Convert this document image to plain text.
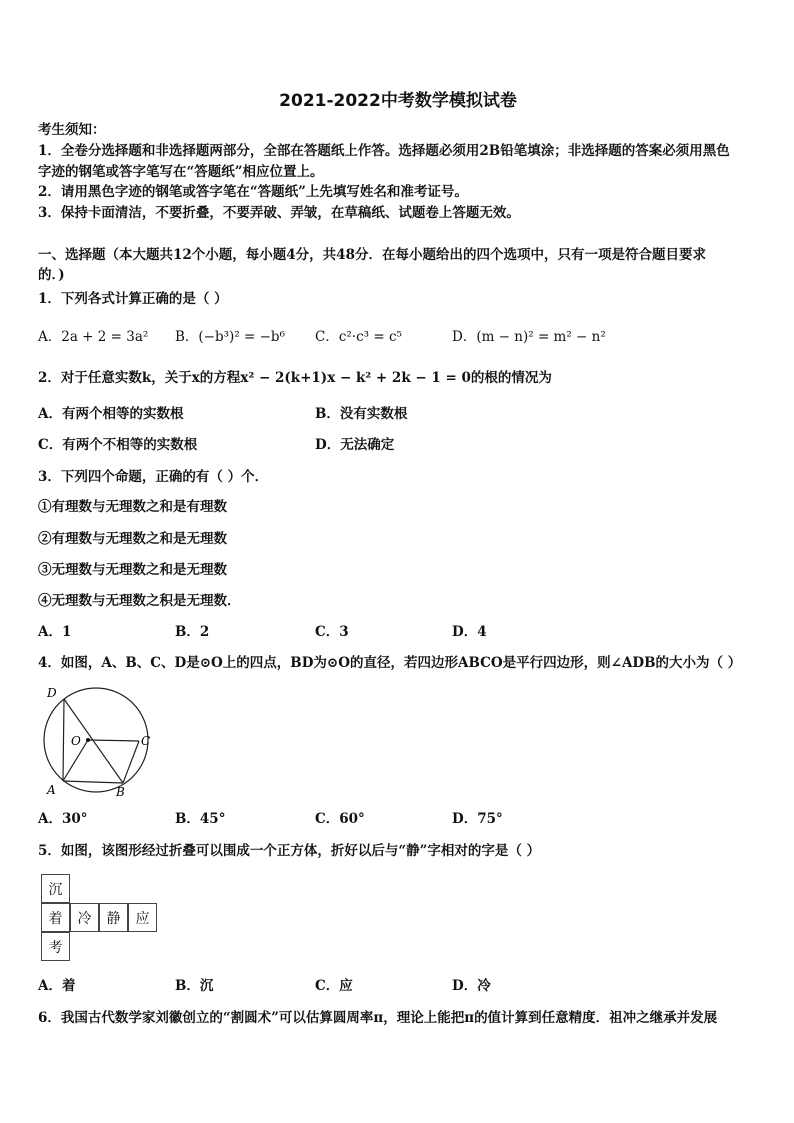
2021-2022中考数学模拟试卷
考生须知：
1．全卷分选择题和非选择题两部分，全部在答题纸上作答。选择题必须用2B铅笔填涂；非选择题的答案必须用黑色
字迹的钢笔或答字笔写在“答题纸”相应位置上。
2．请用黑色字迹的钢笔或答字笔在“答题纸”上先填写姓名和准考证号。
3．保持卡面清洁，不要折叠，不要弄破、弄皱，在草稿纸、试题卷上答题无效。
一、选择题（本大题共12个小题，每小题4分，共48分．在每小题给出的四个选项中，只有一项是符合题目要求
的．)
1．下列各式计算正确的是（ ）
A．2a + 2 = 3a² B．(−b³)² = −b⁶ C．c²·c³ = c⁵	D．(m − n)² = m² − n²
2．对于任意实数k，关于x的方程x² − 2(k+1)x − k² + 2k − 1 = 0的根的情况为
A．有两个相等的实数根	B．没有实数根
C．有两个不相等的实数根	D．无法确定
3．下列四个命题，正确的有（ ）个．
①有理数与无理数之和是有理数
②有理数与无理数之和是无理数
③无理数与无理数之和是无理数
④无理数与无理数之积是无理数．
A．1	B．2	C．3	D．4
4．如图，A、B、C、D是⊙O上的四点，BD为⊙O的直径，若四边形ABCO是平行四边形，则∠ADB的大小为（ ）
D
O	C
A	B
A．30°	B．45°	C．60°	D．75°
5．如图，该图形经过折叠可以围成一个正方体，折好以后与“静”字相对的字是（ ）
沉
着	冷	静	应
考
A．着	B．沉	C．应	D．冷
6．我国古代数学家刘徽创立的“割圆术”可以估算圆周率π，理论上能把π的值计算到任意精度．祖冲之继承并发展
